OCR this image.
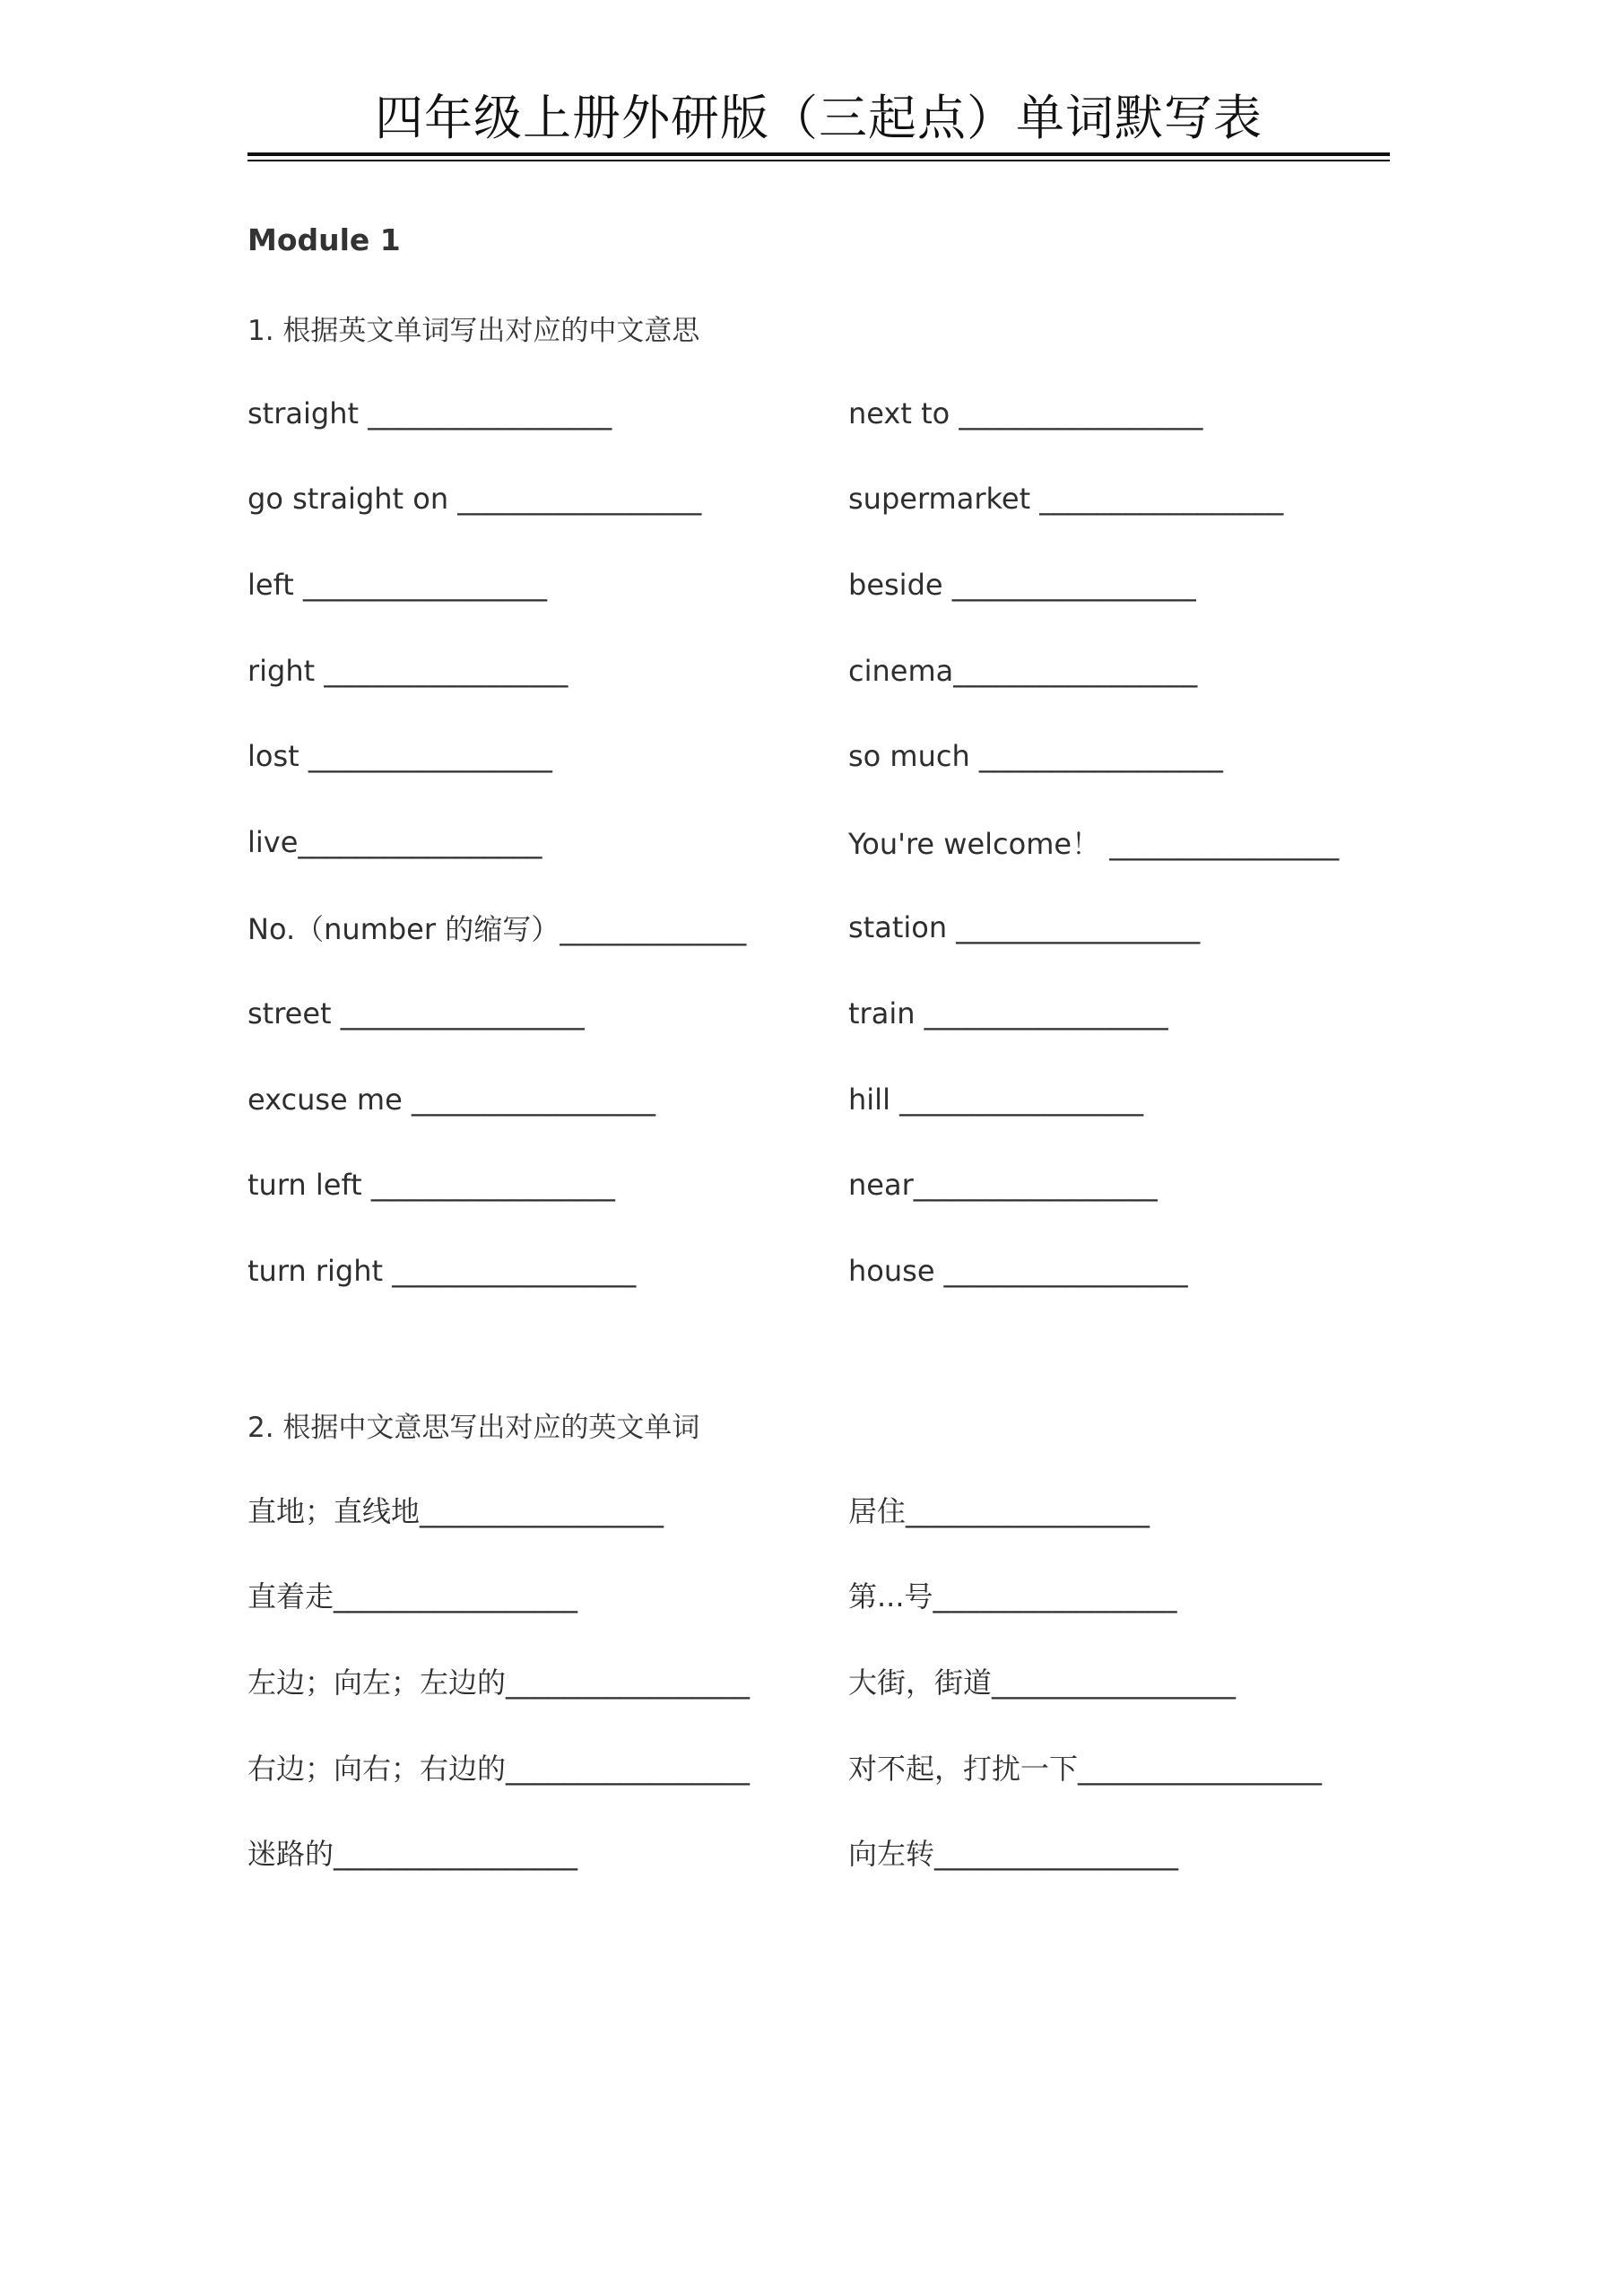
四年级上册外研版（三起点）单词默写表
Module 1
1. 根据英文单词写出对应的中文意思
straight _________________	next to _________________
go straight on _________________	supermarket _________________
left _________________	beside _________________
right _________________	cinema_________________
lost _________________	so much _________________
live_________________	You're welcome！ ________________
No.（number 的缩写）_____________	station _________________
street _________________	train _________________
excuse me _________________	hill _________________
turn left _________________	near_________________
turn right _________________	house _________________
2. 根据中文意思写出对应的英文单词
直地；直线地_________________	居住_________________
直着走_________________	第...号_________________
左边；向左；左边的_________________	大街，街道_________________
右边；向右；右边的_________________	对不起，打扰一下_________________
迷路的_________________	向左转_________________
